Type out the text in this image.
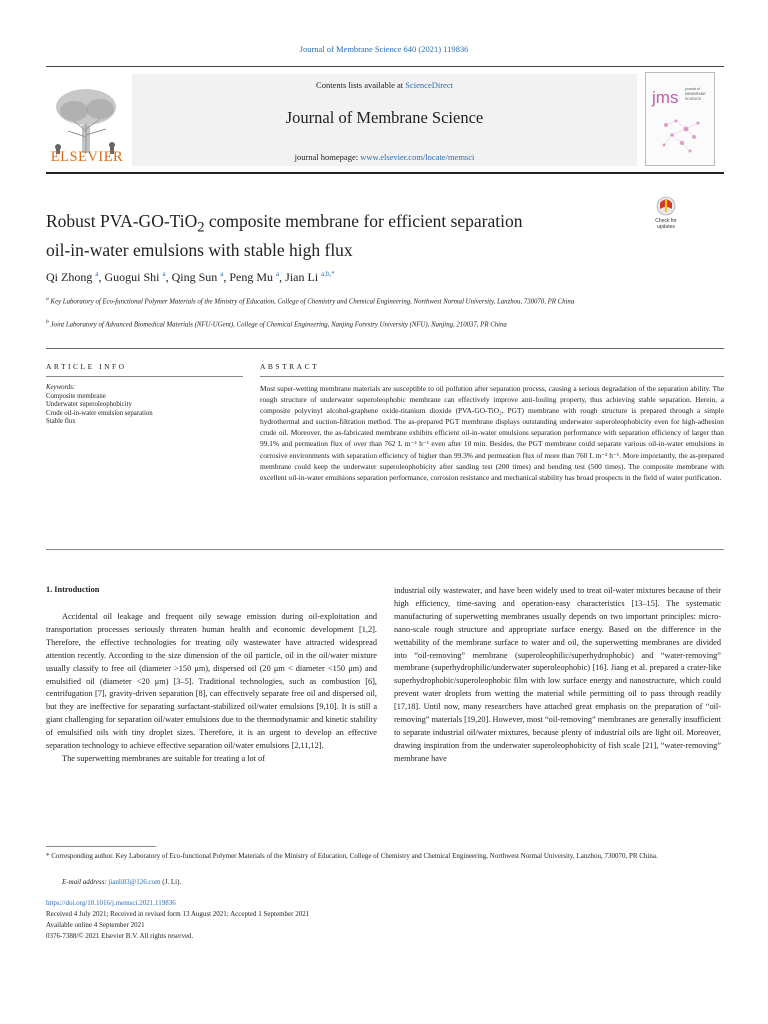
Journal of Membrane Science 640 (2021) 119836
ELSEVIER
Contents lists available at ScienceDirect
Journal of Membrane Science
journal homepage: www.elsevier.com/locate/memsci
jms journal of
MEMBRANE
SCIENCE
Robust PVA-GO-TiO$_2$ composite membrane for efficient separation
oil-in-water emulsions with stable high flux
Check for
updates
Qi Zhong $^a$, Guogui Shi $^a$, Qing Sun $^a$, Peng Mu $^a$, Jian Li $^{a,b,*}$
$^a$ Key Laboratory of Eco-functional Polymer Materials of the Ministry of Education, College of Chemistry and Chemical Engineering, Northwest Normal University, Lanzhou, 730070, PR China
$^b$ Joint Laboratory of Advanced Biomedical Materials (NFU-UGent), College of Chemical Engineering, Nanjing Forestry University (NFU), Nanjing, 210037, PR China
ARTICLE INFO
Keywords:
Composite membrane
Underwater superoleophobicity
Crude oil-in-water emulsion separation
Stable flux
ABSTRACT
Most super-wetting membrane materials are susceptible to oil pollution after separation process, causing a serious degradation of the separation ability. The rough structure of underwater superoleophobic membrane can effectively improve anti-fouling property, thus achieving stable separation. Herein, a composite polyvinyl alcohol-graphene oxide-titanium dioxide (PVA-GO-TiO₂, PGT) membrane with rough structure is prepared through a simple hydrothermal and suction-filtration method. The as-prepared PGT membrane displays outstanding underwater superoleophobicity even for high-adhesion crude oil. Moreover, the as-fabricated membrane exhibits efficient oil-in-water emulsions separation performance with separation efficiency of larger than 99.1% and permeation flux of over than 762 L m⁻² h⁻¹ even after 10 min. Besides, the PGT membrane could separate various oil-in-water emulsions in corrosive environments with separation efficiency of higher than 99.3% and permeation flux of more than 760 L m⁻² h⁻¹. More importantly, the as-prepared membrane could keep the underwater superoleophobicity after sanding test (200 times) and bending test (500 times). The composite membrane with excellent oil-in-water emulsions separation performance, corrosion resistance and mechanical stability has broad prospects in the field of water purification.
1. Introduction

Accidental oil leakage and frequent oily sewage emission during oil-exploitation and transportation processes seriously threaten human health and economic development [1,2]. Therefore, the effective technologies for treating oily wastewater have attracted widespread attention recently. According to the size dimension of the oil particle, oil in the oil/water mixture usually classify to free oil (diameter >150 μm), dispersed oil (20 μm < diameter <150 μm) and emulsified oil (diameter <20 μm) [3–5]. Traditional technologies, such as combustion [6], centrifugation [7], gravity-driven separation [8], can effectively separate free oil and dispersed oil, but they are ineffective for separating surfactant-stabilized oil/water emulsions [9,10]. It is still a giant challenging for separation oil/water emulsions due to the thermodynamic and kinetic stability of emulsified oils with tiny droplet sizes. Therefore, it is an urgent to develop an effective separation technology to achieve effective separation oil/water emulsions [2,11,12].

The superwetting membranes are suitable for treating a lot of

industrial oily wastewater, and have been widely used to treat oil-water mixtures because of their high efficiency, time-saving and operation-easy characteristics [13–15]. The systematic manufacturing of superwetting membranes usually depends on two important principles: micro-nano-scale rough structure and appropriate surface energy. Based on the difference in the wettability of the membrane surface to water and oil, the superwetting membranes are divided into “oil-removing” membrane (superoleophilic/superhydrophobic) and “water-removing” membrane (superhydrophilic/underwater superoleophobic) [16]. Jiang et al. prepared a crater-like superhydrophobic/superoleophobic film with low surface energy and nanostructure, which could prevent water droplets from wetting the material while permitting oil to pass through readily [17,18]. Until now, many researchers have attached great emphasis on the preparation of “oil-removing” materials [19,20]. However, most “oil-removing” membranes are generally insufficient to separate industrial oil/water mixtures, because plenty of industrial oils are light oil. Moreover, drawing inspiration from the underwater superoleophobicity of fish scale [21], “water-removing” membrane have

* Corresponding author. Key Laboratory of Eco-functional Polymer Materials of the Ministry of Education, College of Chemistry and Chemical Engineering, Northwest Normal University, Lanzhou, 730070, PR China.
E-mail address: jianli83@126.com (J. Li).
https://doi.org/10.1016/j.memsci.2021.119836
Received 4 July 2021; Received in revised form 13 August 2021; Accepted 1 September 2021
Available online 4 September 2021
0376-7388/© 2021 Elsevier B.V. All rights reserved.
